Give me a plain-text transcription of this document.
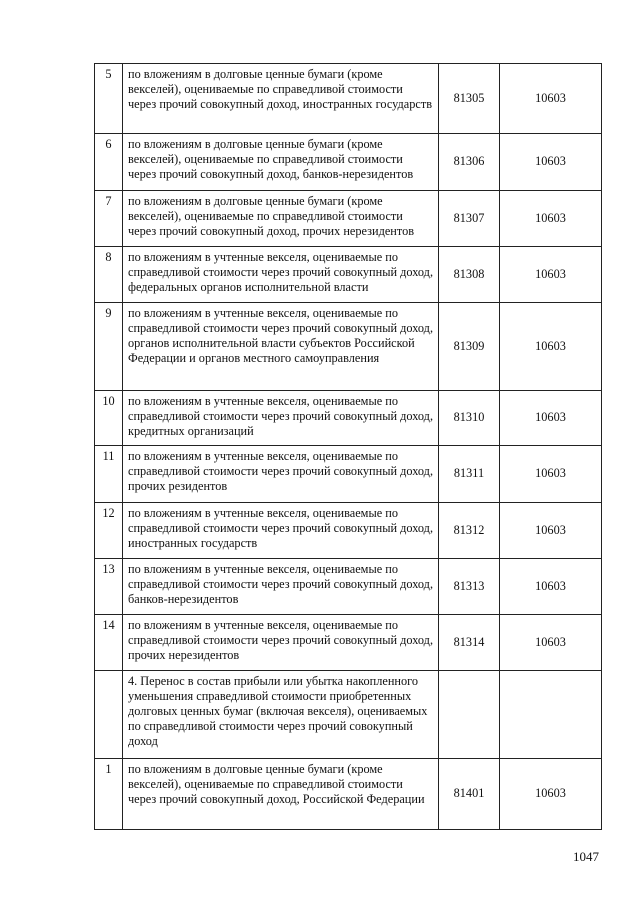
5	по вложениям в долговые ценные бумаги (кроме векселей), оцениваемые по справедливой стоимости через прочий совокупный доход, иностранных государств	81305	10603
6	по вложениям в долговые ценные бумаги (кроме векселей), оцениваемые по справедливой стоимости через прочий совокупный доход, банков-нерезидентов	81306	10603
7	по вложениям в долговые ценные бумаги (кроме векселей), оцениваемые по справедливой стоимости через прочий совокупный доход, прочих нерезидентов	81307	10603
8	по вложениям в учтенные векселя, оцениваемые по справедливой стоимости через прочий совокупный доход, федеральных органов исполнительной власти	81308	10603
9	по вложениям в учтенные векселя, оцениваемые по справедливой стоимости через прочий совокупный доход, органов исполнительной власти субъектов Российской Федерации и органов местного самоуправления	81309	10603
10	по вложениям в учтенные векселя, оцениваемые по справедливой стоимости через прочий совокупный доход, кредитных организаций	81310	10603
11	по вложениям в учтенные векселя, оцениваемые по справедливой стоимости через прочий совокупный доход, прочих резидентов	81311	10603
12	по вложениям в учтенные векселя, оцениваемые по справедливой стоимости через прочий совокупный доход, иностранных государств	81312	10603
13	по вложениям в учтенные векселя, оцениваемые по справедливой стоимости через прочий совокупный доход, банков-нерезидентов	81313	10603
14	по вложениям в учтенные векселя, оцениваемые по справедливой стоимости через прочий совокупный доход, прочих нерезидентов	81314	10603
	4. Перенос в состав прибыли или убытка накопленного уменьшения справедливой стоимости приобретенных долговых ценных бумаг (включая векселя), оцениваемых по справедливой стоимости через прочий совокупный доход		
1	по вложениям в долговые ценные бумаги (кроме векселей), оцениваемые по справедливой стоимости через прочий совокупный доход, Российской Федерации	81401	10603
1047
